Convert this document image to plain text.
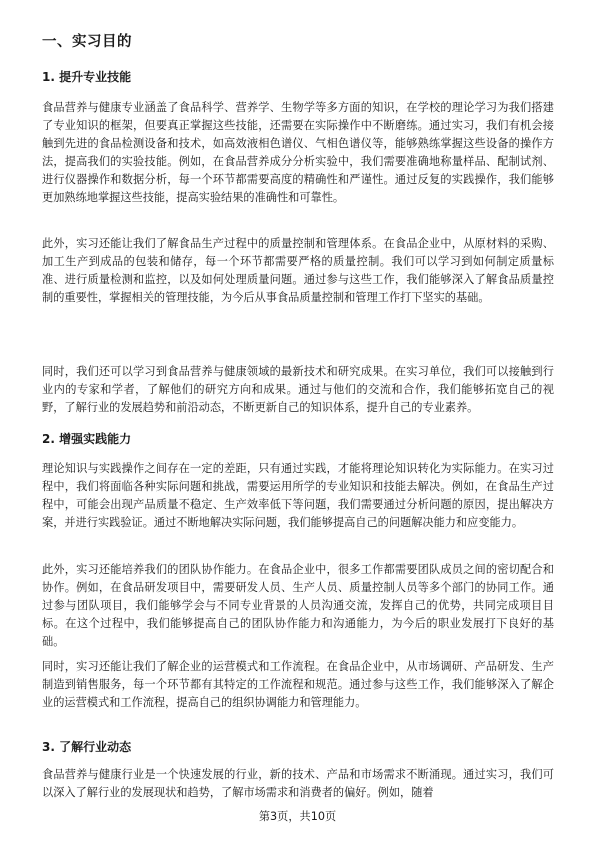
一、实习目的
1. 提升专业技能
食品营养与健康专业涵盖了食品科学、营养学、生物学等多方面的知识，在学校的理论学习为我们搭建了专业知识的框架，但要真正掌握这些技能，还需要在实际操作中不断磨练。通过实习，我们有机会接触到先进的食品检测设备和技术，如高效液相色谱仪、气相色谱仪等，能够熟练掌握这些设备的操作方法，提高我们的实验技能。例如，在食品营养成分分析实验中，我们需要准确地称量样品、配制试剂、进行仪器操作和数据分析，每一个环节都需要高度的精确性和严谨性。通过反复的实践操作，我们能够更加熟练地掌握这些技能，提高实验结果的准确性和可靠性。
此外，实习还能让我们了解食品生产过程中的质量控制和管理体系。在食品企业中，从原材料的采购、加工生产到成品的包装和储存，每一个环节都需要严格的质量控制。我们可以学习到如何制定质量标准、进行质量检测和监控，以及如何处理质量问题。通过参与这些工作，我们能够深入了解食品质量控制的重要性，掌握相关的管理技能，为今后从事食品质量控制和管理工作打下坚实的基础。
同时，我们还可以学习到食品营养与健康领域的最新技术和研究成果。在实习单位，我们可以接触到行业内的专家和学者，了解他们的研究方向和成果。通过与他们的交流和合作，我们能够拓宽自己的视野，了解行业的发展趋势和前沿动态，不断更新自己的知识体系，提升自己的专业素养。
2. 增强实践能力
理论知识与实践操作之间存在一定的差距，只有通过实践，才能将理论知识转化为实际能力。在实习过程中，我们将面临各种实际问题和挑战，需要运用所学的专业知识和技能去解决。例如，在食品生产过程中，可能会出现产品质量不稳定、生产效率低下等问题，我们需要通过分析问题的原因，提出解决方案，并进行实践验证。通过不断地解决实际问题，我们能够提高自己的问题解决能力和应变能力。
此外，实习还能培养我们的团队协作能力。在食品企业中，很多工作都需要团队成员之间的密切配合和协作。例如，在食品研发项目中，需要研发人员、生产人员、质量控制人员等多个部门的协同工作。通过参与团队项目，我们能够学会与不同专业背景的人员沟通交流，发挥自己的优势，共同完成项目目标。在这个过程中，我们能够提高自己的团队协作能力和沟通能力，为今后的职业发展打下良好的基础。
同时，实习还能让我们了解企业的运营模式和工作流程。在食品企业中，从市场调研、产品研发、生产制造到销售服务，每一个环节都有其特定的工作流程和规范。通过参与这些工作，我们能够深入了解企业的运营模式和工作流程，提高自己的组织协调能力和管理能力。
3. 了解行业动态
食品营养与健康行业是一个快速发展的行业，新的技术、产品和市场需求不断涌现。通过实习，我们可以深入了解行业的发展现状和趋势，了解市场需求和消费者的偏好。例如，随着
第3页，共10页
